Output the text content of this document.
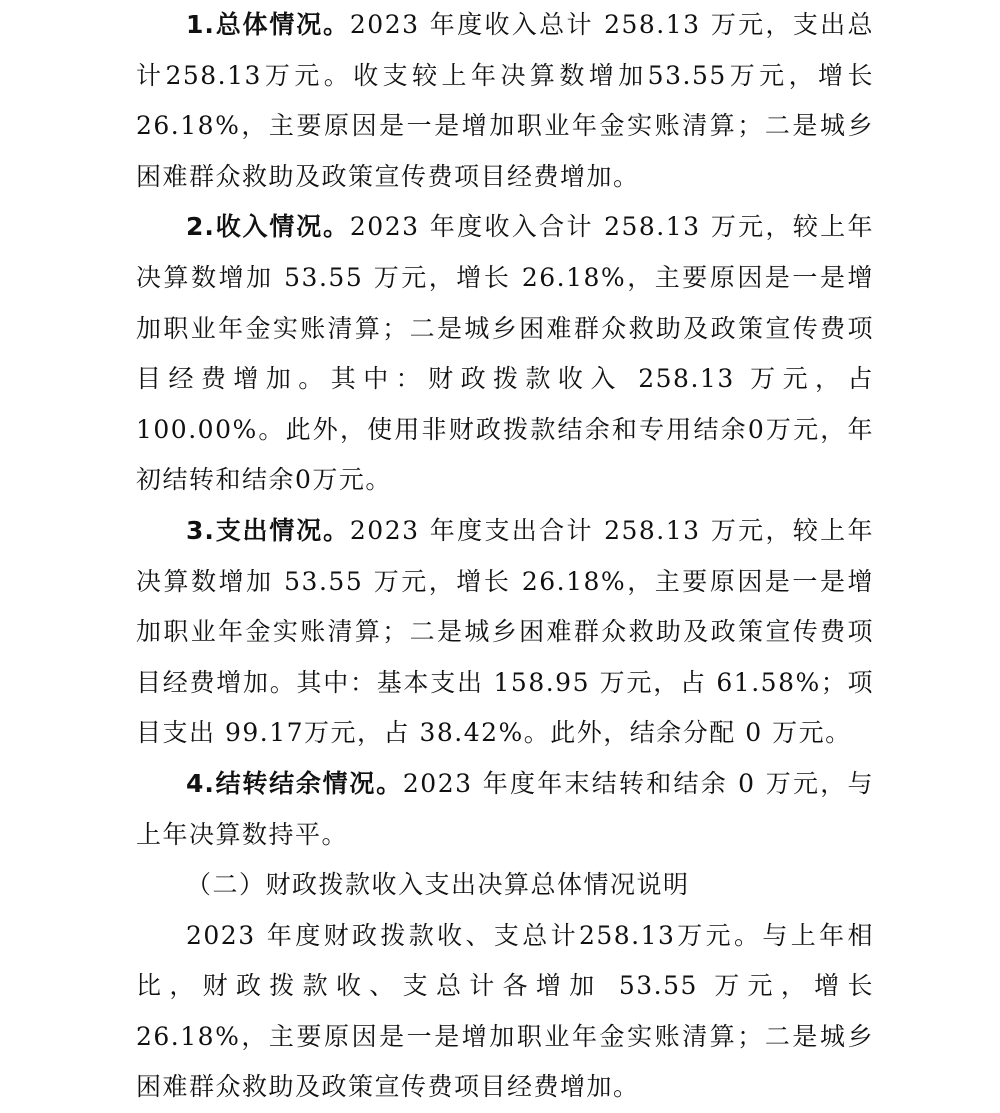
1.总体情况。2023 年度收入总计 258.13 万元，支出总计258.13万元。收支较上年决算数增加53.55万元，增长26.18%，主要原因是一是增加职业年金实账清算；二是城乡困难群众救助及政策宣传费项目经费增加。

2.收入情况。2023 年度收入合计 258.13 万元，较上年决算数增加 53.55 万元，增长 26.18%，主要原因是一是增加职业年金实账清算；二是城乡困难群众救助及政策宣传费项目经费增加。其中：财政拨款收入 258.13 万元，占 100.00%。此外，使用非财政拨款结余和专用结余0万元，年初结转和结余0万元。

3.支出情况。2023 年度支出合计 258.13 万元，较上年决算数增加 53.55 万元，增长 26.18%，主要原因是一是增加职业年金实账清算；二是城乡困难群众救助及政策宣传费项目经费增加。其中：基本支出 158.95 万元，占 61.58%；项目支出 99.17万元，占 38.42%。此外，结余分配 0 万元。

4.结转结余情况。2023 年度年末结转和结余 0 万元，与上年决算数持平。

（二）财政拨款收入支出决算总体情况说明

2023 年度财政拨款收、支总计258.13万元。与上年相比，财政拨款收、支总计各增加 53.55 万元，增长 26.18%，主要原因是一是增加职业年金实账清算；二是城乡困难群众救助及政策宣传费项目经费增加。
